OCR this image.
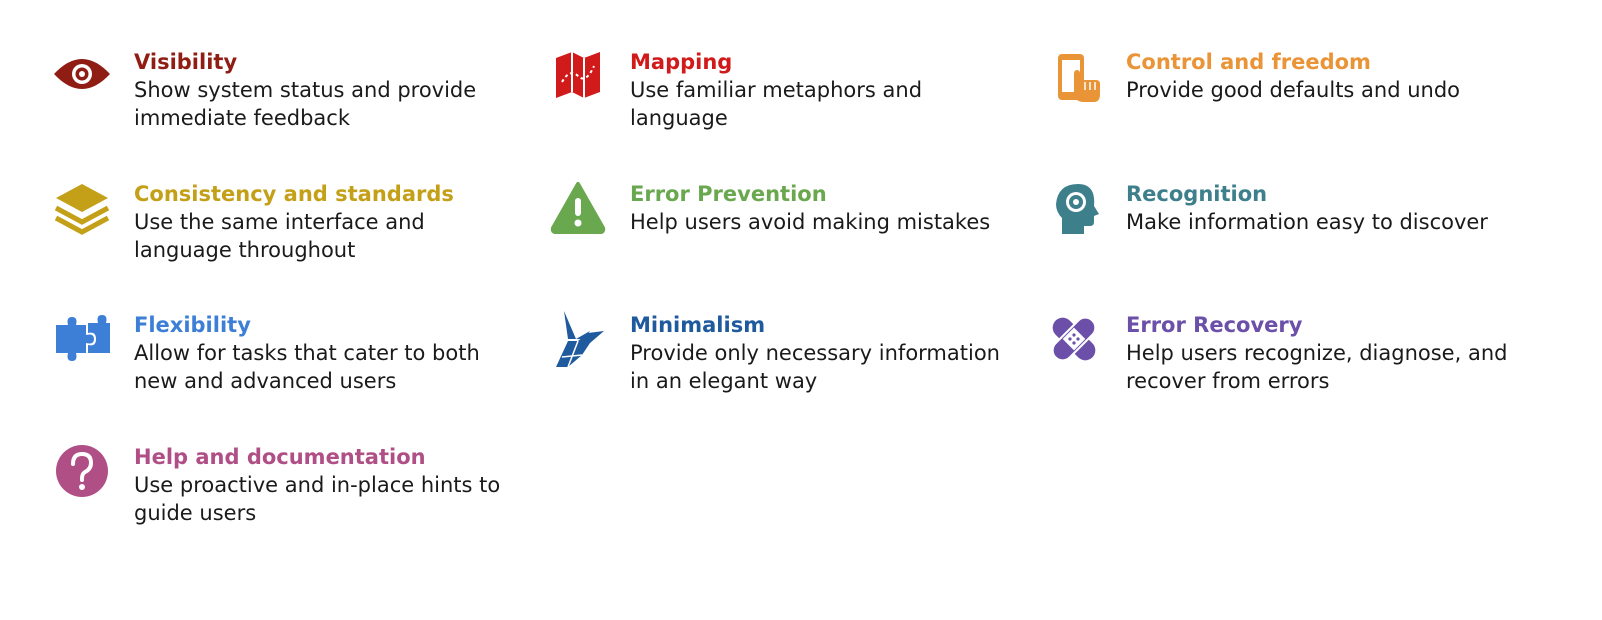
Visibility

Show system status and provide immediate feedback

Mapping

Use familiar metaphors and language

Control and freedom

Provide good defaults and undo

Consistency and standards

Use the same interface and language throughout

Error Prevention

Help users avoid making mistakes

Recognition

Make information easy to discover

Flexibility

Allow for tasks that cater to both new and advanced users

Minimalism

Provide only necessary information in an elegant way

Error Recovery

Help users recognize, diagnose, and recover from errors

Help and documentation

Use proactive and in-place hints to guide users
